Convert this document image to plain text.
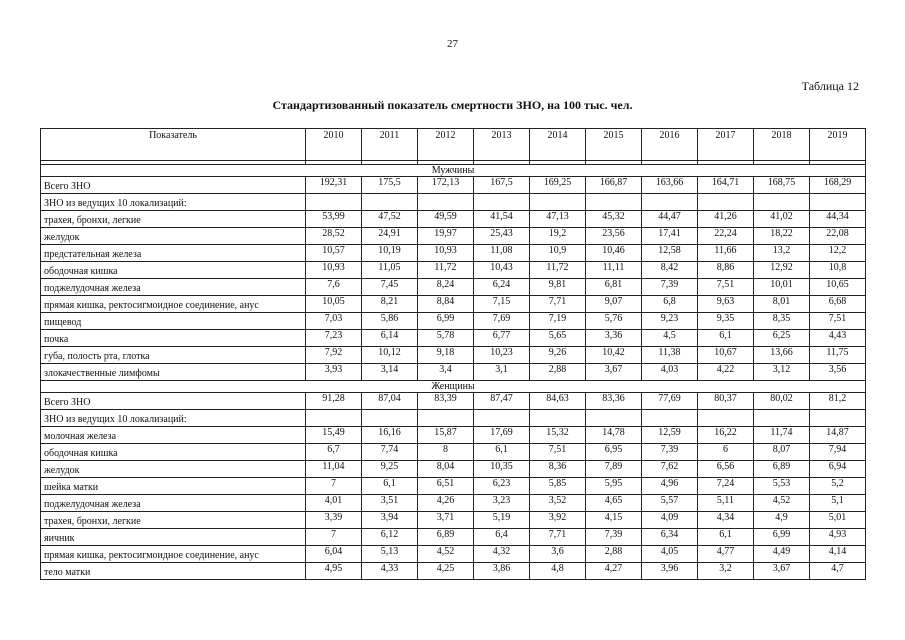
27
Таблица 12
Стандартизованный показатель смертности ЗНО, на 100 тыс. чел.
Показатель	2010	2011	2012	2013	2014	2015	2016	2017	2018	2019

Мужчины										
Всего ЗНО	192,31	175,5	172,13	167,5	169,25	166,87	163,66	164,71	168,75	168,29
ЗНО из ведущих 10 локализаций:										
трахея, бронхи, легкие	53,99	47,52	49,59	41,54	47,13	45,32	44,47	41,26	41,02	44,34
желудок	28,52	24,91	19,97	25,43	19,2	23,56	17,41	22,24	18,22	22,08
предстательная железа	10,57	10,19	10,93	11,08	10,9	10,46	12,58	11,66	13,2	12,2
ободочная кишка	10,93	11,05	11,72	10,43	11,72	11,11	8,42	8,86	12,92	10,8
поджелудочная железа	7,6	7,45	8,24	6,24	9,81	6,81	7,39	7,51	10,01	10,65
прямая кишка, ректосигмоидное соединение, анус	10,05	8,21	8,84	7,15	7,71	9,07	6,8	9,63	8,01	6,68
пищевод	7,03	5,86	6,99	7,69	7,19	5,76	9,23	9,35	8,35	7,51
почка	7,23	6,14	5,78	6,77	5,65	3,36	4,5	6,1	6,25	4,43
губа, полость рта, глотка	7,92	10,12	9,18	10,23	9,26	10,42	11,38	10,67	13,66	11,75
злокачественные лимфомы	3,93	3,14	3,4	3,1	2,88	3,67	4,03	4,22	3,12	3,56
Женщины										
Всего ЗНО	91,28	87,04	83,39	87,47	84,63	83,36	77,69	80,37	80,02	81,2
ЗНО из ведущих 10 локализаций:										
молочная железа	15,49	16,16	15,87	17,69	15,32	14,78	12,59	16,22	11,74	14,87
ободочная кишка	6,7	7,74	8	6,1	7,51	6,95	7,39	6	8,07	7,94
желудок	11,04	9,25	8,04	10,35	8,36	7,89	7,62	6,56	6,89	6,94
шейка матки	7	6,1	6,51	6,23	5,85	5,95	4,96	7,24	5,53	5,2
поджелудочная железа	4,01	3,51	4,26	3,23	3,52	4,65	5,57	5,11	4,52	5,1
трахея, бронхи, легкие	3,39	3,94	3,71	5,19	3,92	4,15	4,09	4,34	4,9	5,01
яичник	7	6,12	6,89	6,4	7,71	7,39	6,34	6,1	6,99	4,93
прямая кишка, ректосигмоидное соединение, анус	6,04	5,13	4,52	4,32	3,6	2,88	4,05	4,77	4,49	4,14
тело матки	4,95	4,33	4,25	3,86	4,8	4,27	3,96	3,2	3,67	4,7
